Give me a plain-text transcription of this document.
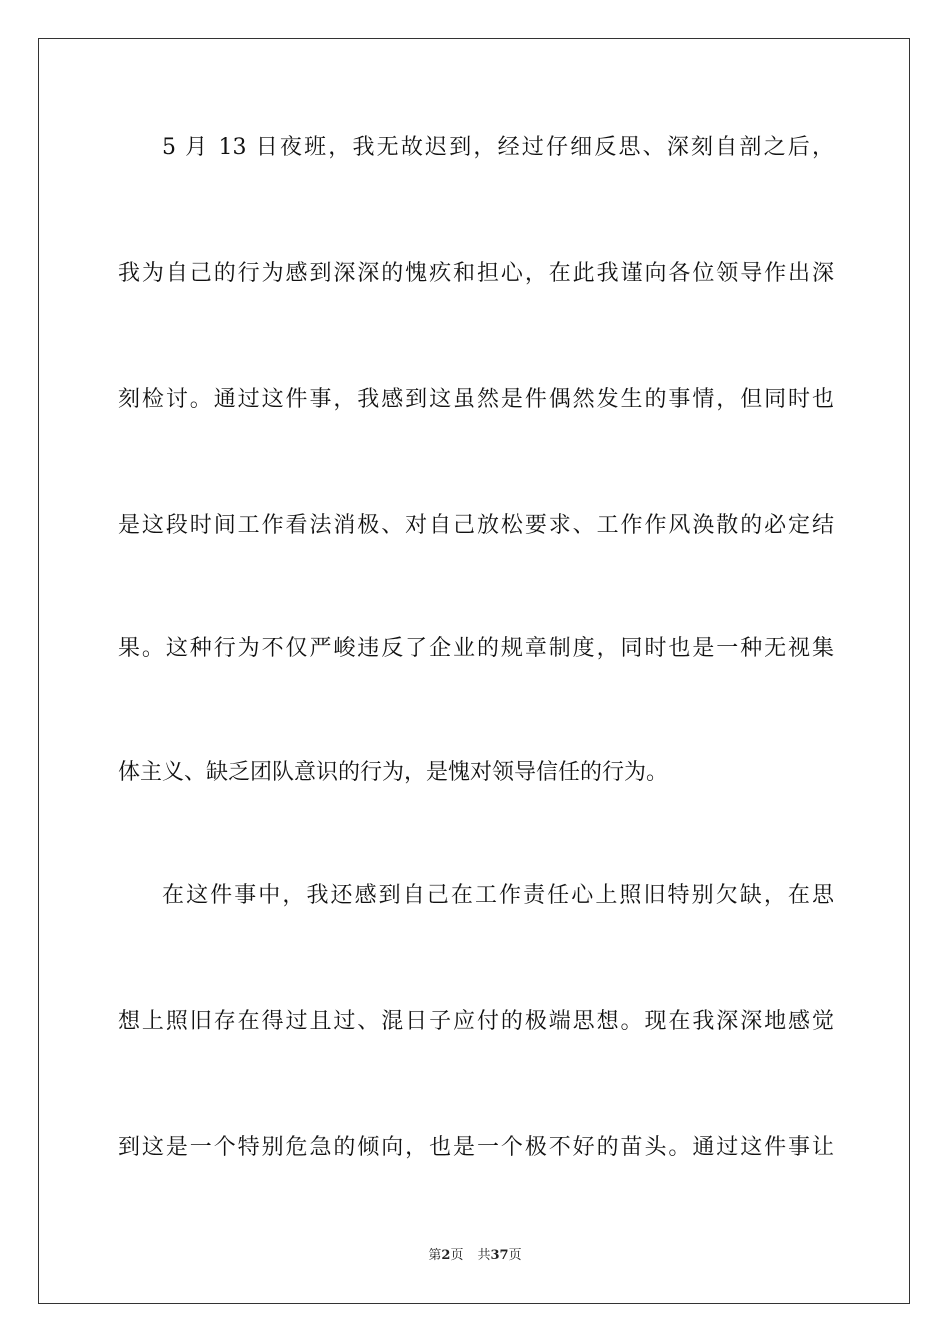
5 月 13 日夜班，我无故迟到，经过仔细反思、深刻自剖之后，
我为自己的行为感到深深的愧疚和担心，在此我谨向各位领导作出深
刻检讨。通过这件事，我感到这虽然是件偶然发生的事情，但同时也
是这段时间工作看法消极、对自己放松要求、工作作风涣散的必定结
果。这种行为不仅严峻违反了企业的规章制度，同时也是一种无视集
体主义、缺乏团队意识的行为，是愧对领导信任的行为。
在这件事中，我还感到自己在工作责任心上照旧特别欠缺，在思
想上照旧存在得过且过、混日子应付的极端思想。现在我深深地感觉
到这是一个特别危急的倾向，也是一个极不好的苗头。通过这件事让
第2页 共37页
